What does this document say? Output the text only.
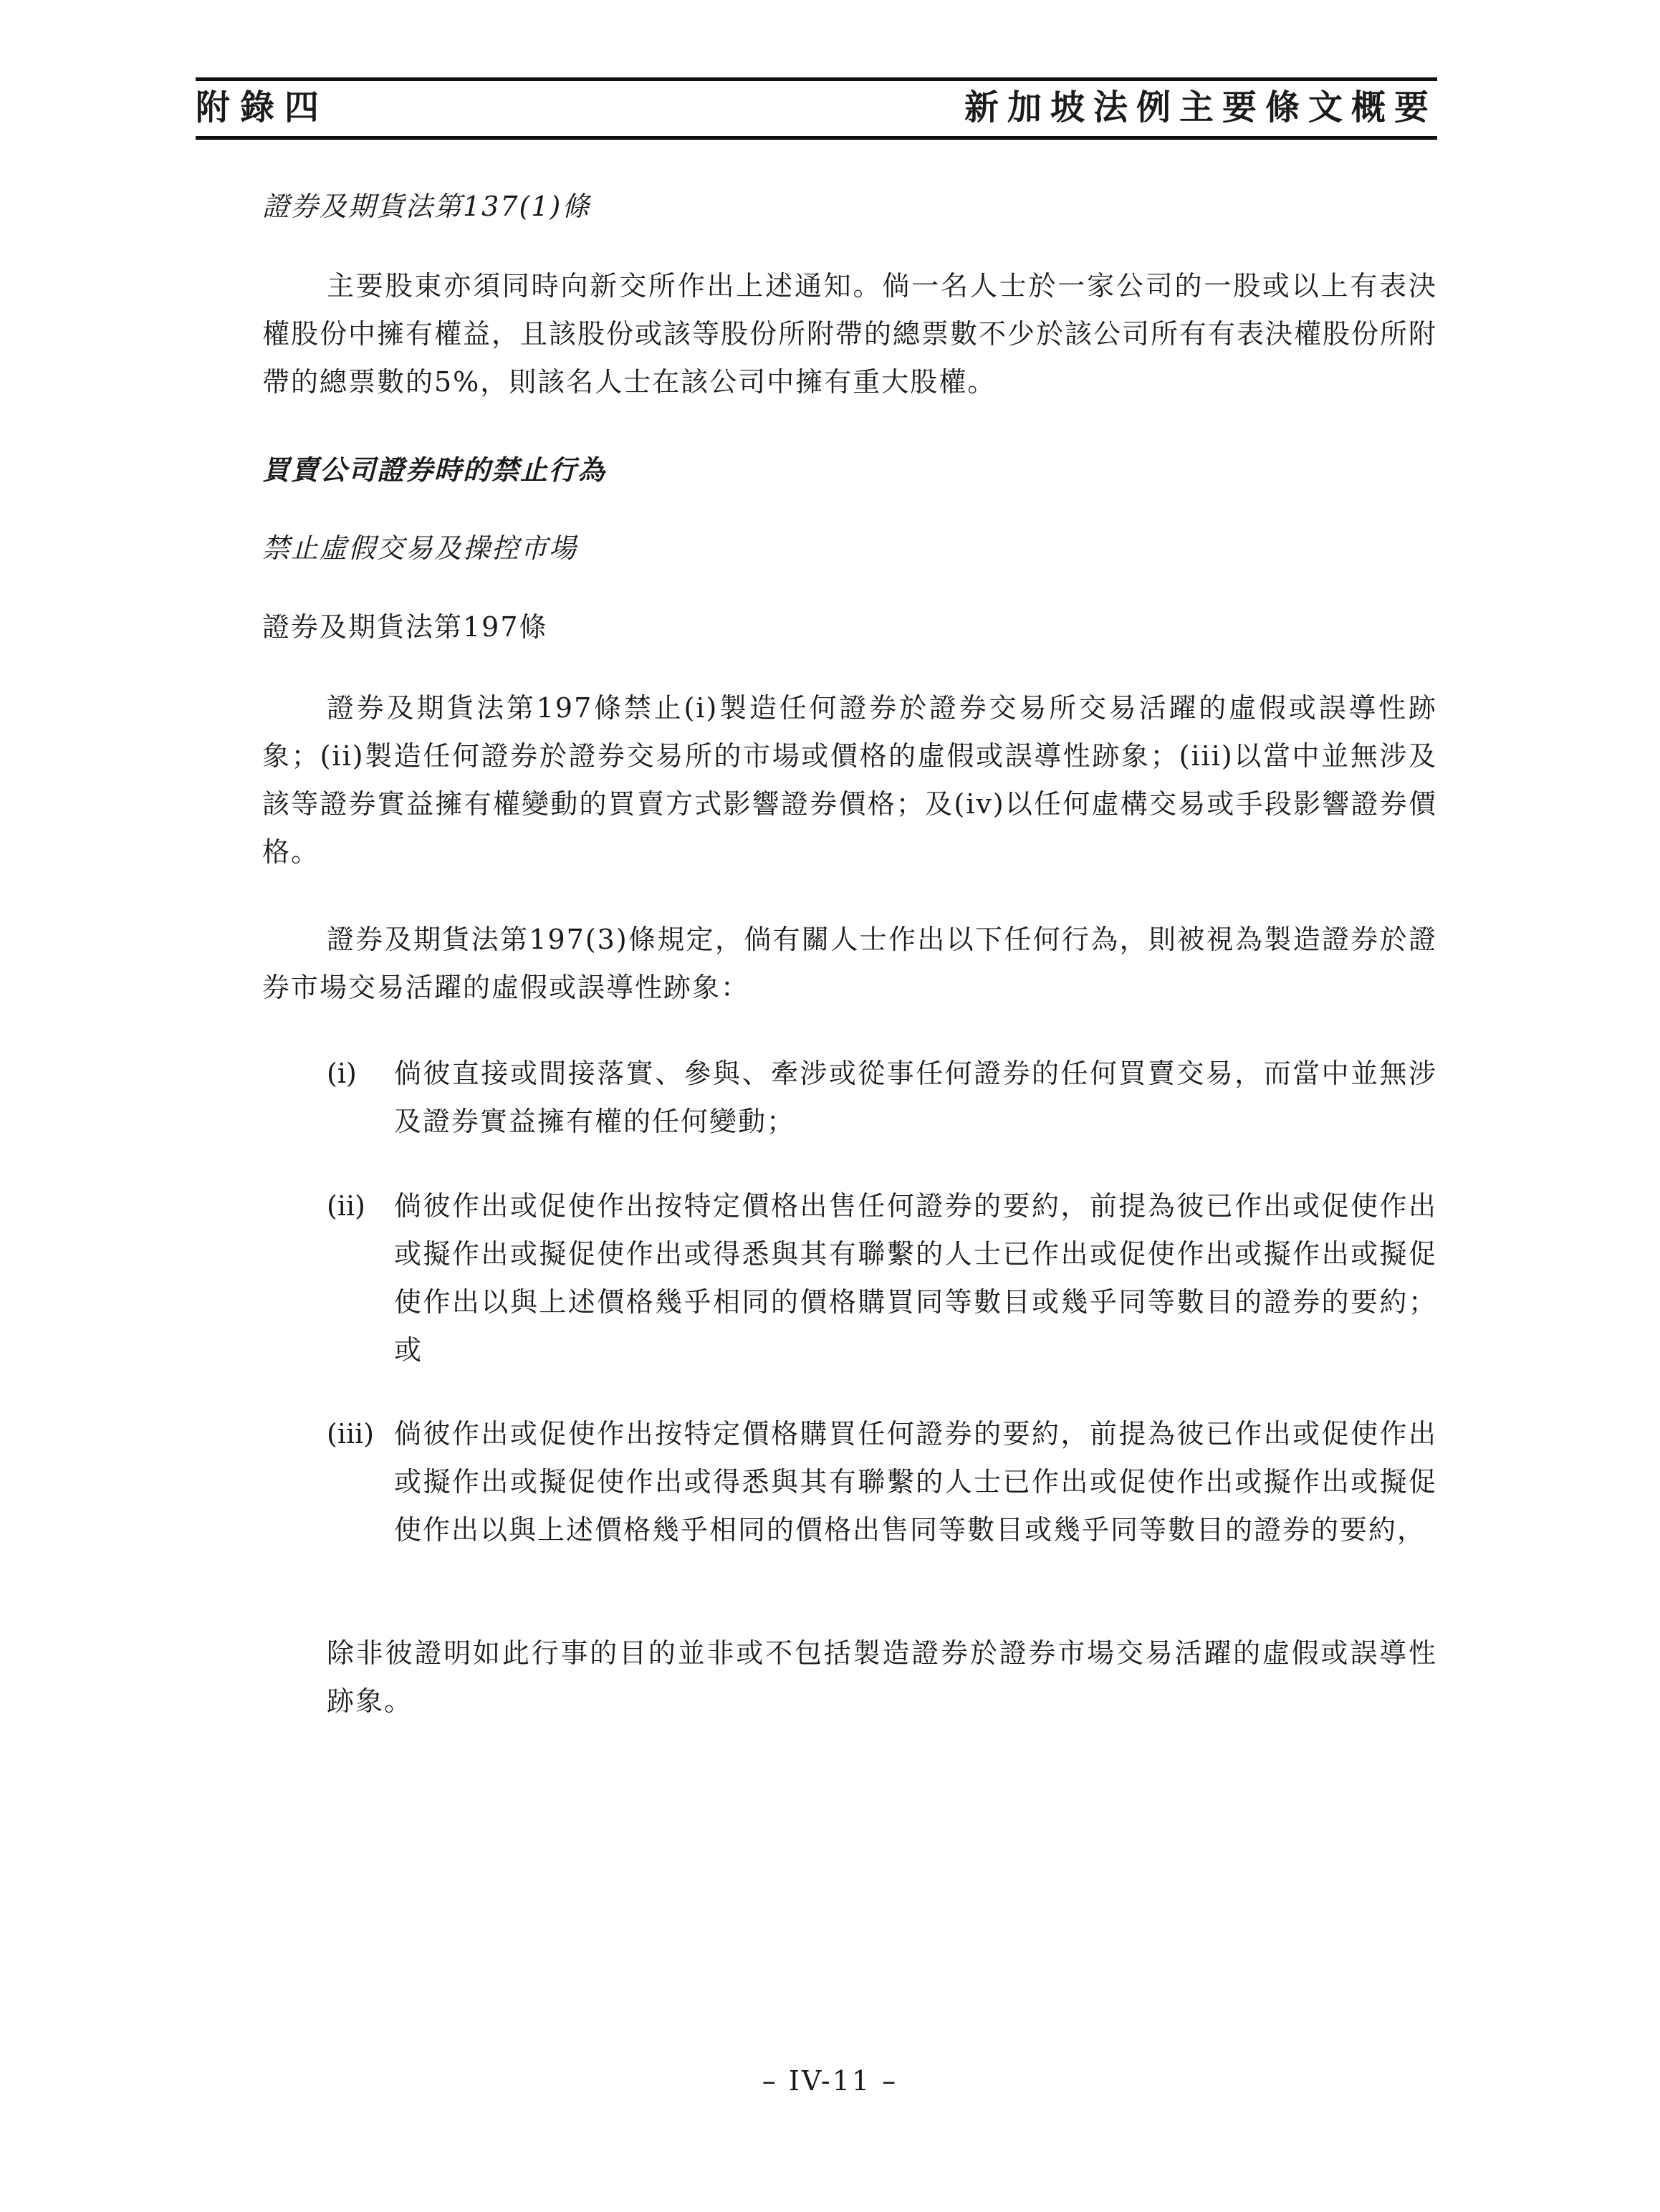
附錄四	新加坡法例主要條文概要
證券及期貨法第137(1)條
主要股東亦須同時向新交所作出上述通知。倘一名人士於一家公司的一股或以上有表決權股份中擁有權益，且該股份或該等股份所附帶的總票數不少於該公司所有有表決權股份所附帶的總票數的5%，則該名人士在該公司中擁有重大股權。
買賣公司證券時的禁止行為
禁止虛假交易及操控市場
證券及期貨法第197條
證券及期貨法第197條禁止(i)製造任何證券於證券交易所交易活躍的虛假或誤導性跡象；(ii)製造任何證券於證券交易所的市場或價格的虛假或誤導性跡象；(iii)以當中並無涉及該等證券實益擁有權變動的買賣方式影響證券價格；及(iv)以任何虛構交易或手段影響證券價格。
證券及期貨法第197(3)條規定，倘有關人士作出以下任何行為，則被視為製造證券於證券市場交易活躍的虛假或誤導性跡象：
(i) 倘彼直接或間接落實、參與、牽涉或從事任何證券的任何買賣交易，而當中並無涉及證券實益擁有權的任何變動；
(ii) 倘彼作出或促使作出按特定價格出售任何證券的要約，前提為彼已作出或促使作出或擬作出或擬促使作出或得悉與其有聯繫的人士已作出或促使作出或擬作出或擬促使作出以與上述價格幾乎相同的價格購買同等數目或幾乎同等數目的證券的要約；或
(iii) 倘彼作出或促使作出按特定價格購買任何證券的要約，前提為彼已作出或促使作出或擬作出或擬促使作出或得悉與其有聯繫的人士已作出或促使作出或擬作出或擬促使作出以與上述價格幾乎相同的價格出售同等數目或幾乎同等數目的證券的要約，
除非彼證明如此行事的目的並非或不包括製造證券於證券市場交易活躍的虛假或誤導性跡象。
– IV-11 –
